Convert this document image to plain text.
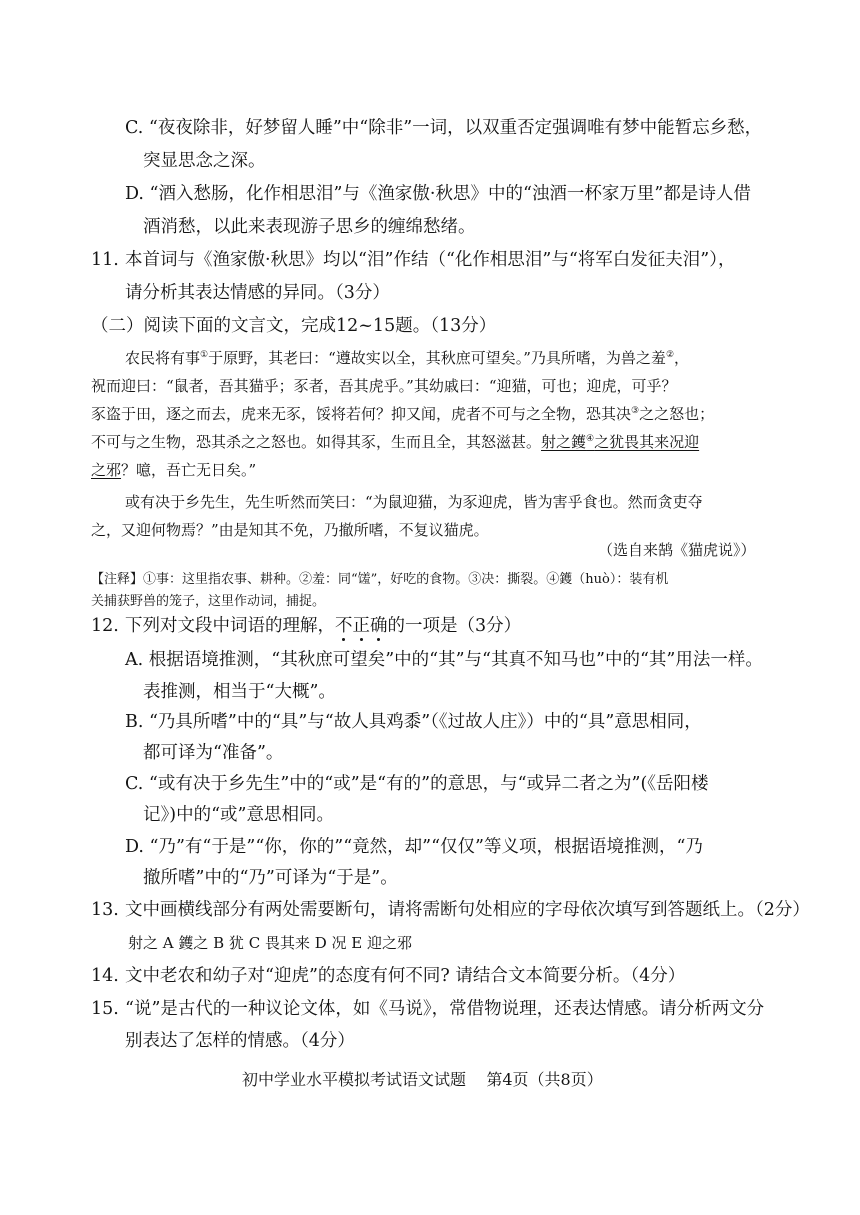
C. “夜夜除非，好梦留人睡”中“除非”一词，以双重否定强调唯有梦中能暂忘乡愁，
突显思念之深。
D. “酒入愁肠，化作相思泪”与《渔家傲·秋思》中的“浊酒一杯家万里”都是诗人借
酒消愁，以此来表现游子思乡的缠绵愁绪。
11. 本首词与《渔家傲·秋思》均以“泪”作结（“化作相思泪”与“将军白发征夫泪”），
请分析其表达情感的异同。（3分）
（二）阅读下面的文言文，完成12~15题。（13分）
农民将有事①于原野，其老曰：“遵故实以全，其秋庶可望矣。”乃具所嗜，为兽之羞②，
祝而迎曰：“鼠者，吾其猫乎；豕者，吾其虎乎。”其幼戚曰：“迎猫，可也；迎虎，可乎？
豕盗于田，逐之而去，虎来无豕，馁将若何？抑又闻，虎者不可与之全物，恐其决③之之怒也；
不可与之生物，恐其杀之之怒也。如得其豕，生而且全，其怒滋甚。射之鑊④之犹畏其来况迎
之邪？噫，吾亡无日矣。”
或有决于乡先生，先生听然而笑曰：“为鼠迎猫，为豕迎虎，皆为害乎食也。然而贪吏夺
之，又迎何物焉？”由是知其不免，乃撤所嗜，不复议猫虎。
（选自来鹄《猫虎说》）
【注释】①事：这里指农事、耕种。②羞：同“馐”，好吃的食物。③决：撕裂。④鑊（huò）：装有机
关捕获野兽的笼子，这里作动词，捕捉。
12. 下列对文段中词语的理解，不正确的一项是（3分）
A. 根据语境推测，“其秋庶可望矣”中的“其”与“其真不知马也”中的“其”用法一样。
表推测，相当于“大概”。
B. “乃具所嗜”中的“具”与“故人具鸡黍”（《过故人庄》）中的“具”意思相同，
都可译为“准备”。
C. “或有决于乡先生”中的“或”是“有的”的意思，与“或异二者之为”(《岳阳楼
记》)中的“或”意思相同。
D. “乃”有“于是”“你，你的”“竟然，却”“仅仅”等义项，根据语境推测，“乃
撤所嗜”中的“乃”可译为“于是”。
13. 文中画横线部分有两处需要断句，请将需断句处相应的字母依次填写到答题纸上。（2分）
射之 A 鑊之 B 犹 C 畏其来 D 况 E 迎之邪
14. 文中老农和幼子对“迎虎”的态度有何不同? 请结合文本简要分析。（4分）
15. “说”是古代的一种议论文体，如《马说》，常借物说理，还表达情感。请分析两文分
别表达了怎样的情感。（4分）
初中学业水平模拟考试语文试题    第4页（共8页）
